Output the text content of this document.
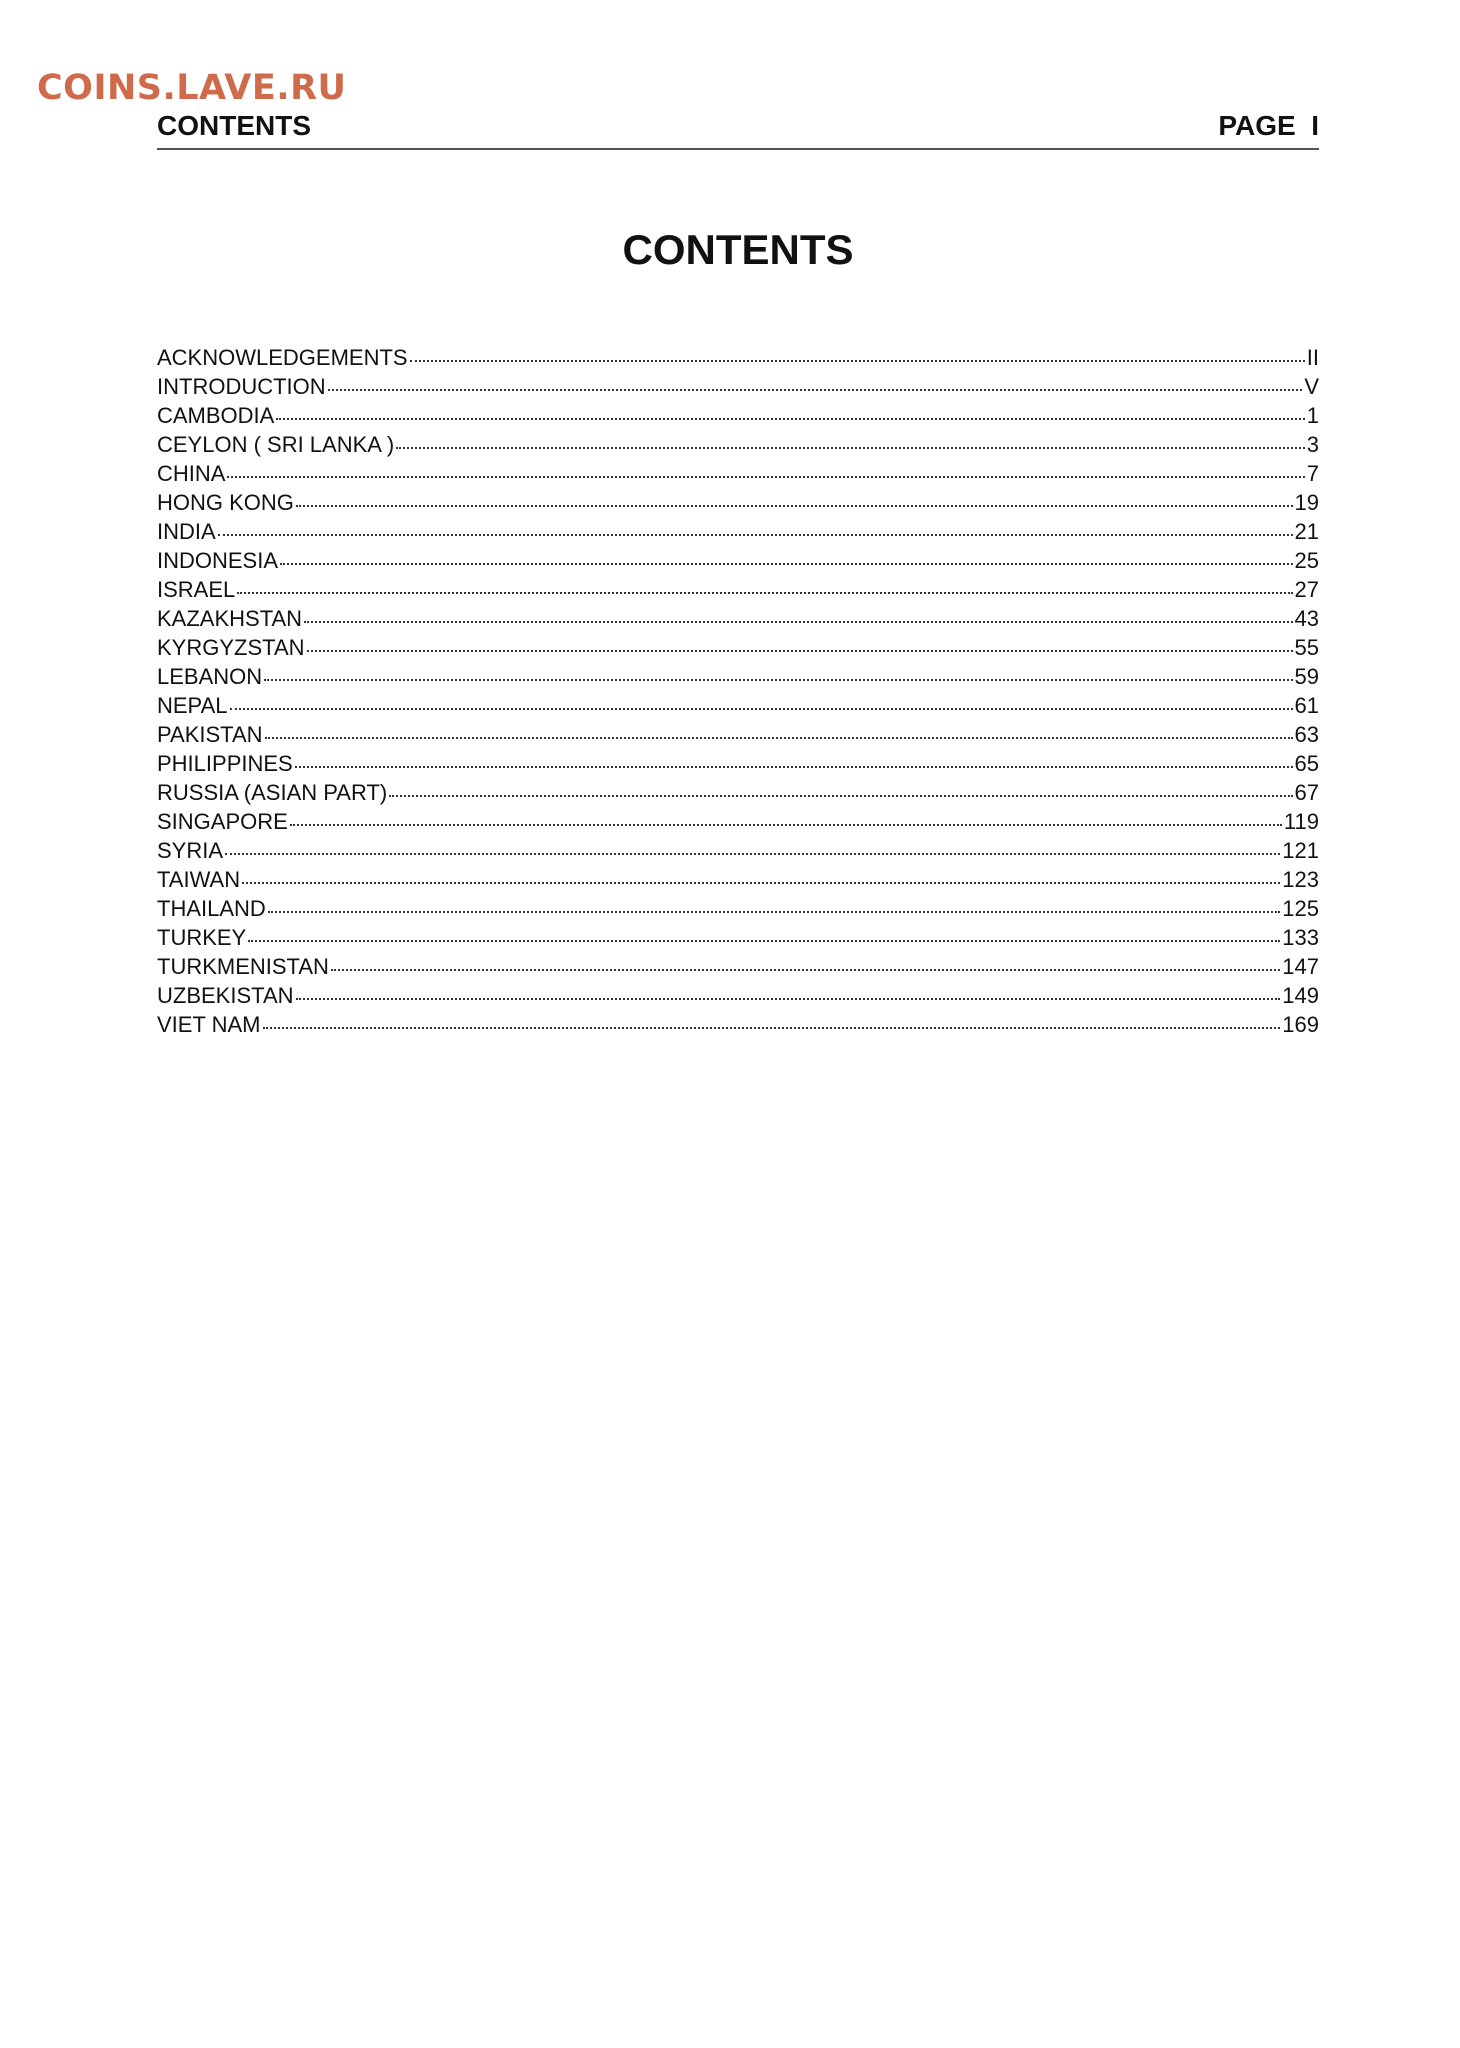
COINS.LAVE.RU
CONTENTS	PAGE I
CONTENTS
ACKNOWLEDGEMENTS	II
INTRODUCTION	V
CAMBODIA	1
CEYLON ( SRI LANKA )	3
CHINA	7
HONG KONG	19
INDIA	21
INDONESIA	25
ISRAEL	27
KAZAKHSTAN	43
KYRGYZSTAN	55
LEBANON	59
NEPAL	61
PAKISTAN	63
PHILIPPINES	65
RUSSIA (ASIAN PART)	67
SINGAPORE	119
SYRIA	121
TAIWAN	123
THAILAND	125
TURKEY	133
TURKMENISTAN	147
UZBEKISTAN	149
VIET NAM	169
